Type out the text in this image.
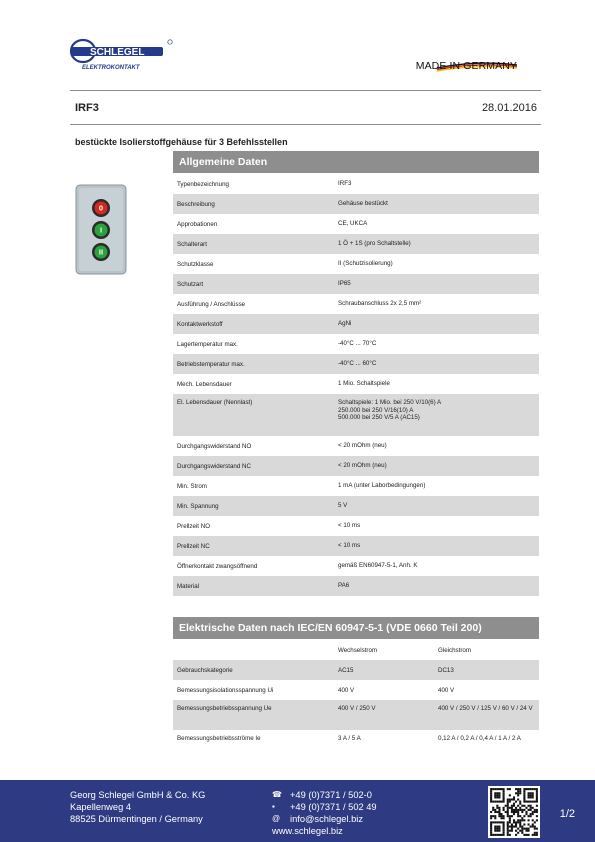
SCHLEGEL
ELEKTROKONTAKT	MADE IN GERMANY
IRF3	28.01.2016
bestückte Isolierstoffgehäuse für 3 Befehlsstellen
0
I
II
Allgemeine Daten
Typenbezeichnung	IRF3

Beschreibung	Gehäuse bestückt

Approbationen	CE, UKCA

Schalterart	1 Ö + 1S (pro Schaltstelle)

Schutzklasse	II (Schutzisolierung)

Schutzart	IP65

Ausführung / Anschlüsse	Schraubanschluss 2x 2,5 mm²

Kontaktwerkstoff	AgNi

Lagertemperatur max.	-40°C ... 70°C

Betriebstemperatur max.	-40°C ... 60°C

Mech. Lebensdauer	1 Mio. Schaltspiele

El. Lebensdauer (Nennlast)	Schaltspiele: 1 Mio. bei 250 V/10(6) A
250.000 bei 250 V/16(10) A
500.000 bei 250 V/5 A (AC15)

Durchgangswiderstand NO	< 20 mOhm (neu)

Durchgangswiderstand NC	< 20 mOhm (neu)

Min. Strom	1 mA (unter Laborbedingungen)

Min. Spannung	5 V

Prellzeit NO	< 10 ms

Prellzeit NC	< 10 ms

Öffnerkontakt zwangsöffnend	gemäß EN60947-5-1, Anh. K

Material	PA6
Elektrische Daten nach IEC/EN 60947-5-1 (VDE 0660 Teil 200)
	Wechselstrom	Gleichstrom
Gebrauchskategorie	AC15	DC13
Bemessungsisolationsspannung Ui	400 V	400 V
Bemessungsbetriebsspannung Ue	400 V / 250 V	400 V / 250 V / 125 V / 60 V / 24 V
Bemessungsbetriebsströme Ie	3 A / 5 A	0,12 A / 0,2 A / 0,4 A / 1 A / 2 A
Georg Schlegel GmbH & Co. KG
Kapellenweg 4
88525 Dürmentingen / Germany
☎ +49 (0)7371 / 502-0
▪	+49 (0)7371 / 502 49
@	info@schlegel.biz
www.schlegel.biz
1/2
